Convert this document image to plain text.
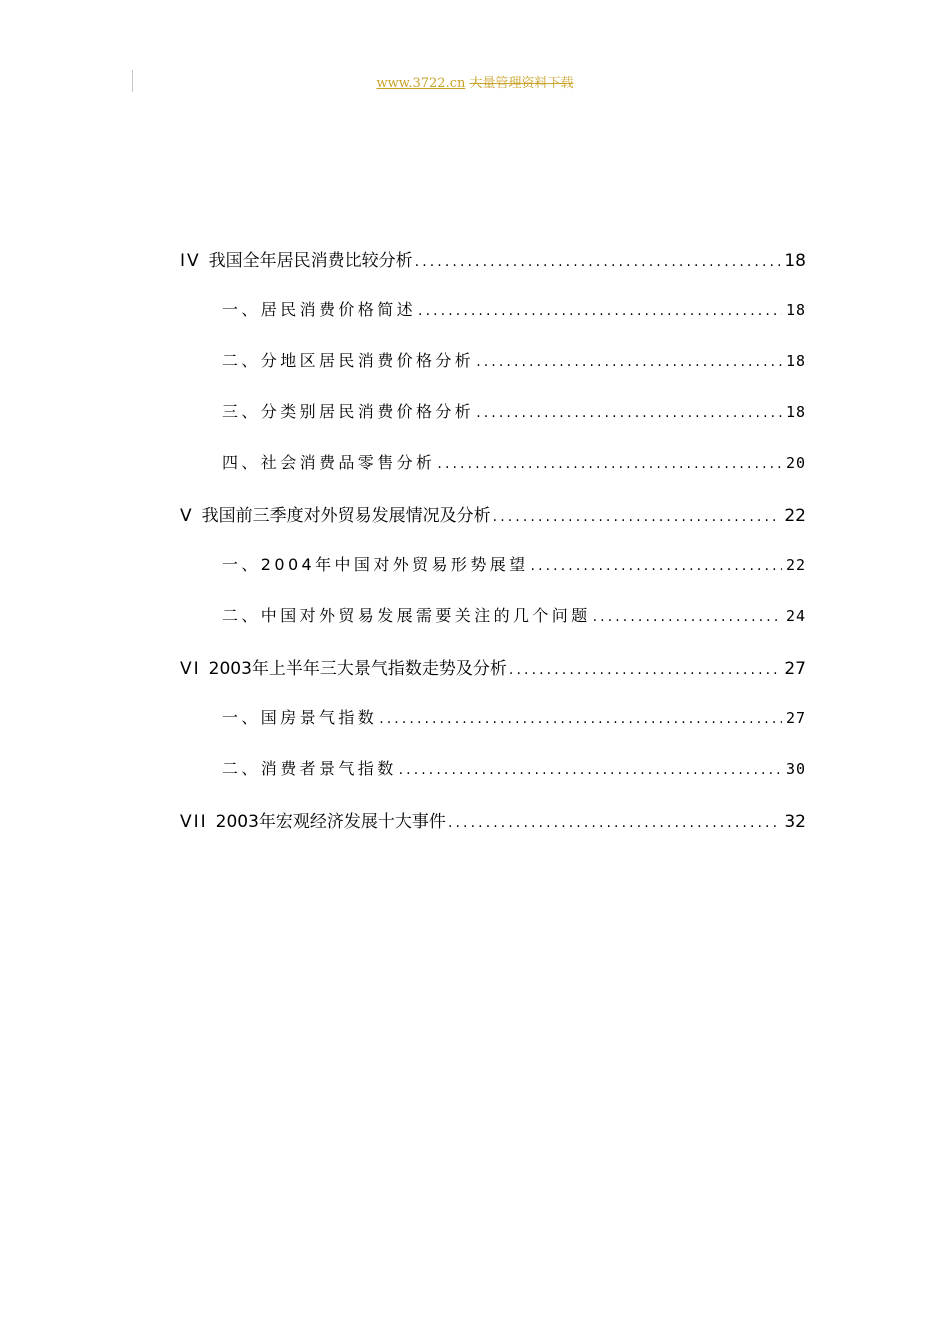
www.3722.cn 大量管理资料下载
IV 我国全年居民消费比较分析 .....	18
一、居民消费价格简述 .....	18
二、分地区居民消费价格分析 .....	18
三、分类别居民消费价格分析 .....	18
四、社会消费品零售分析 .....	20
V 我国前三季度对外贸易发展情况及分析 .....	22
一、2004年中国对外贸易形势展望 .....	22
二、中国对外贸易发展需要关注的几个问题 .....	24
VI 2003年上半年三大景气指数走势及分析 .....	27
一、国房景气指数 .....	27
二、消费者景气指数 .....	30
VII 2003年宏观经济发展十大事件 .....	32
